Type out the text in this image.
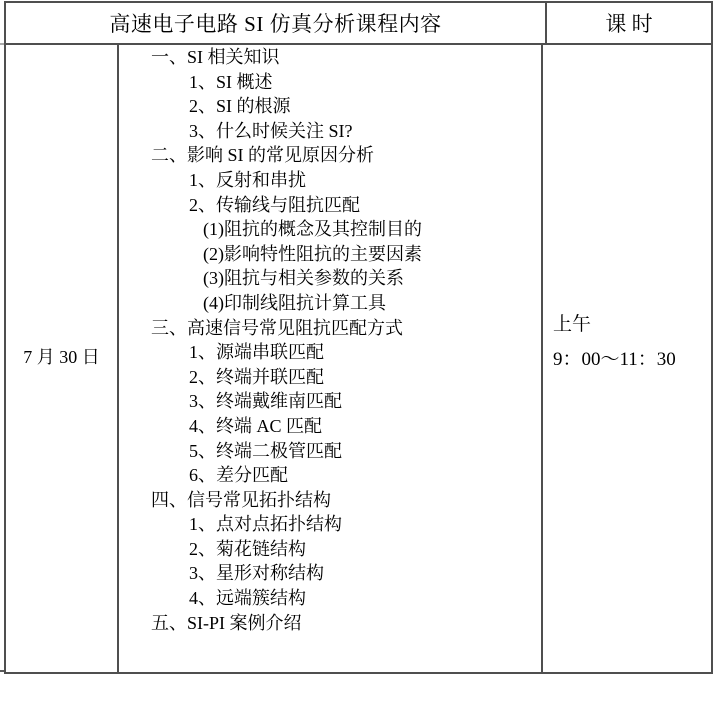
高速电子电路 SI 仿真分析课程内容	课 时
7 月 30 日
一、SI 相关知识
1、SI 概述
2、SI 的根源
3、什么时候关注 SI?
二、影响 SI 的常见原因分析
1、反射和串扰
2、传输线与阻抗匹配
(1)阻抗的概念及其控制目的
(2)影响特性阻抗的主要因素
(3)阻抗与相关参数的关系
(4)印制线阻抗计算工具
三、高速信号常见阻抗匹配方式
1、源端串联匹配
2、终端并联匹配
3、终端戴维南匹配
4、终端 AC 匹配
5、终端二极管匹配
6、差分匹配
四、信号常见拓扑结构
1、点对点拓扑结构
2、菊花链结构
3、星形对称结构
4、远端簇结构
五、SI-PI 案例介绍
上午
9：00～11：30
